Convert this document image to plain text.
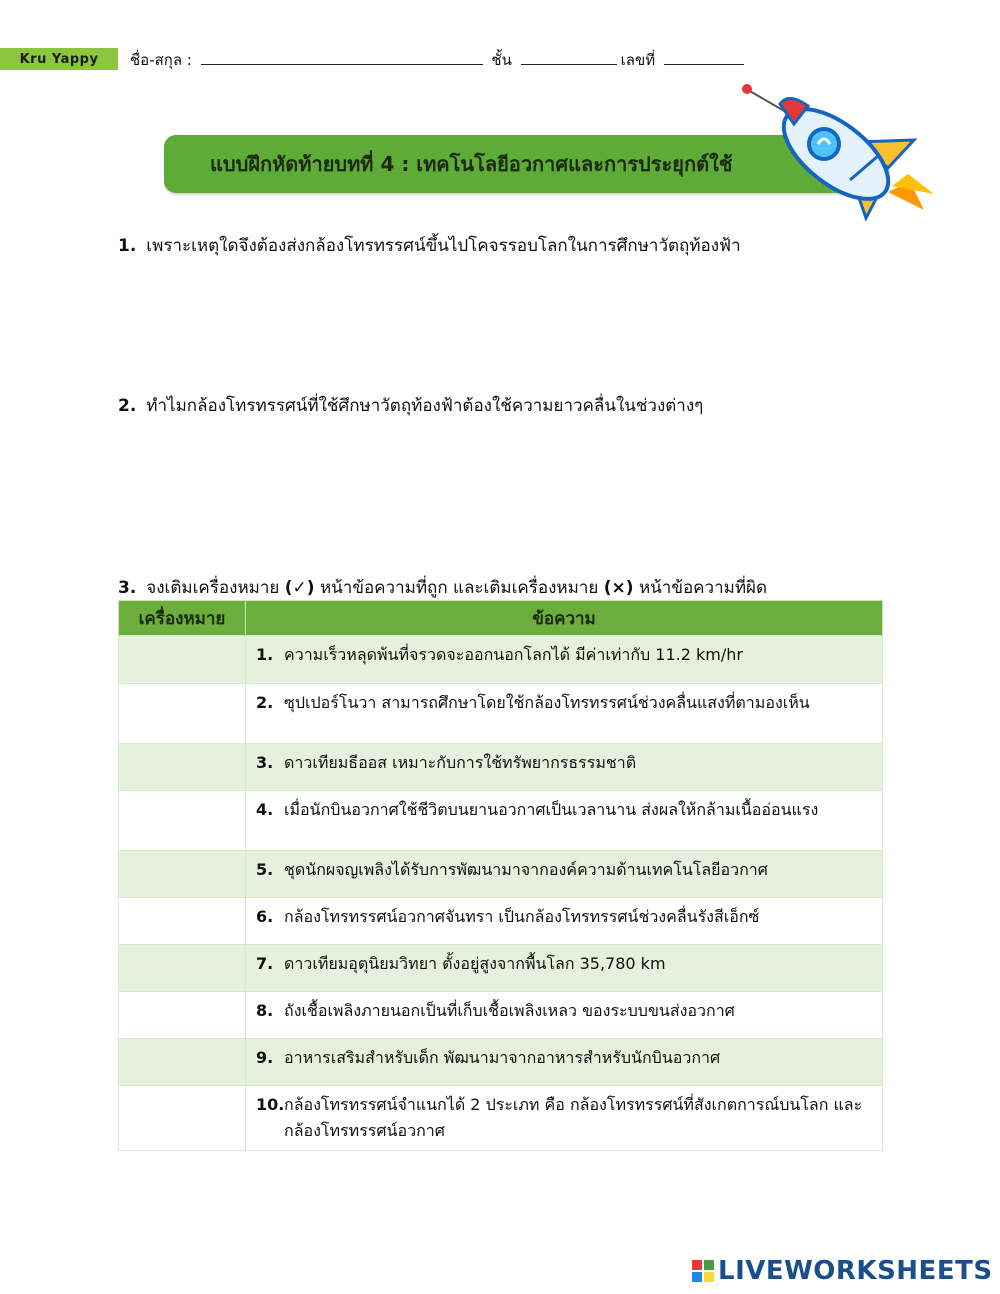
Kru Yappy	ชื่อ-สกุล :	ชั้น	เลขที่
แบบฝึกหัดท้ายบทที่ 4 : เทคโนโลยีอวกาศและการประยุกต์ใช้
1. เพราะเหตุใดจึงต้องส่งกล้องโทรทรรศน์ขึ้นไปโคจรรอบโลกในการศึกษาวัตถุท้องฟ้า
2. ทำไมกล้องโทรทรรศน์ที่ใช้ศึกษาวัตถุท้องฟ้าต้องใช้ความยาวคลื่นในช่วงต่างๆ
3. จงเติมเครื่องหมาย (✓) หน้าข้อความที่ถูก และเติมเครื่องหมาย (×) หน้าข้อความที่ผิด
เครื่องหมาย	ข้อความ

	1. ความเร็วหลุดพ้นที่จรวดจะออกนอกโลกได้ มีค่าเท่ากับ 11.2 km/hr

	2. ซุปเปอร์โนวา สามารถศึกษาโดยใช้กล้องโทรทรรศน์ช่วงคลื่นแสงที่ตามองเห็น

	3. ดาวเทียมธีออส เหมาะกับการใช้ทรัพยากรธรรมชาติ

	4. เมื่อนักบินอวกาศใช้ชีวิตบนยานอวกาศเป็นเวลานาน ส่งผลให้กล้ามเนื้ออ่อนแรง

	5. ชุดนักผจญเพลิงได้รับการพัฒนามาจากองค์ความด้านเทคโนโลยีอวกาศ

	6. กล้องโทรทรรศน์อวกาศจันทรา เป็นกล้องโทรทรรศน์ช่วงคลื่นรังสีเอ็กซ์

	7. ดาวเทียมอุตุนิยมวิทยา ตั้งอยู่สูงจากพื้นโลก 35,780 km

	8. ถังเชื้อเพลิงภายนอกเป็นที่เก็บเชื้อเพลิงเหลว ของระบบขนส่งอวกาศ

	9. อาหารเสริมสำหรับเด็ก พัฒนามาจากอาหารสำหรับนักบินอวกาศ

	10. กล้องโทรทรรศน์จำแนกได้ 2 ประเภท คือ กล้องโทรทรรศน์ที่สังเกตการณ์บนโลก และกล้องโทรทรรศน์อวกาศ
LIVEWORKSHEETS
